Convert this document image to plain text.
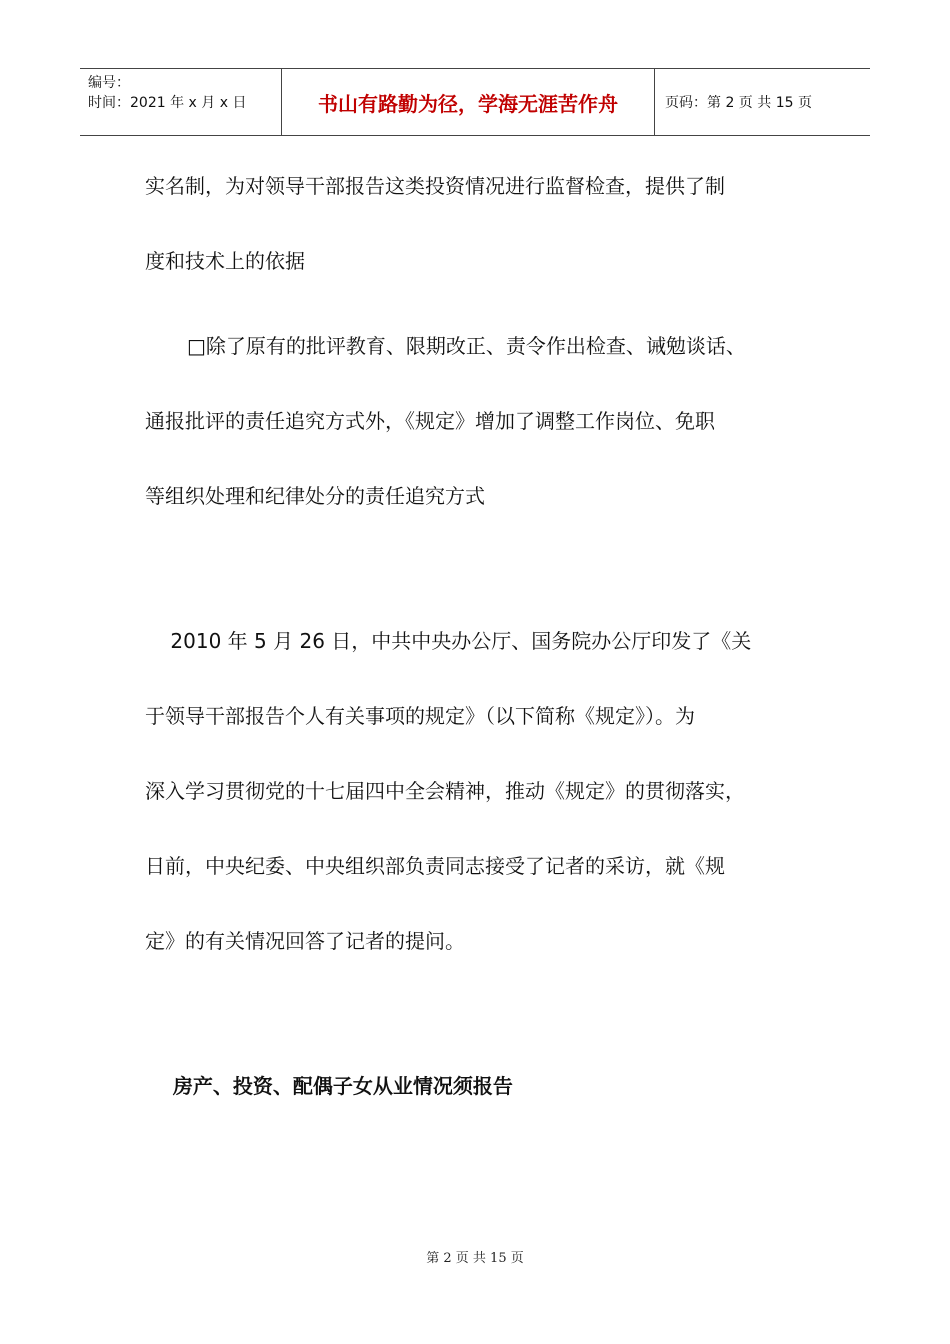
编号：
时间：2021 年 x 月 x 日	书山有路勤为径，学海无涯苦作舟	页码：第 2 页 共 15 页
实名制，为对领导干部报告这类投资情况进行监督检查，提供了制
度和技术上的依据
□除了原有的批评教育、限期改正、责令作出检查、诫勉谈话、
通报批评的责任追究方式外，《规定》增加了调整工作岗位、免职
等组织处理和纪律处分的责任追究方式
2010 年 5 月 26 日，中共中央办公厅、国务院办公厅印发了《关
于领导干部报告个人有关事项的规定》（以下简称《规定》）。为
深入学习贯彻党的十七届四中全会精神，推动《规定》的贯彻落实，
日前，中央纪委、中央组织部负责同志接受了记者的采访，就《规
定》的有关情况回答了记者的提问。
房产、投资、配偶子女从业情况须报告
第 2 页 共 15 页
